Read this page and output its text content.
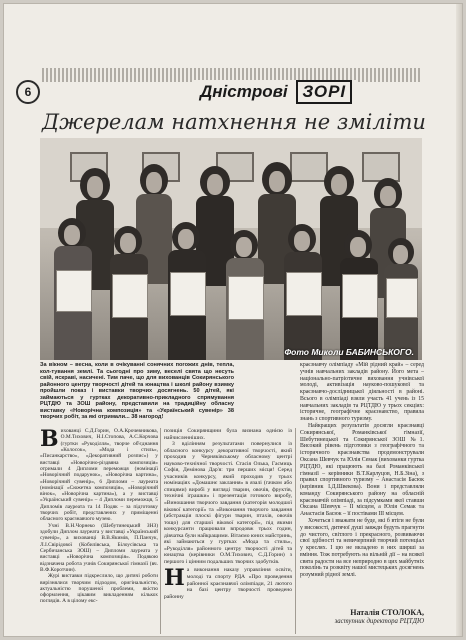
6	Дністрові ЗОРІ
Джерелам натхнення не зміліти
Фото Миколи БАБИНСЬКОГО.
За вікном – весна, коли в очікуванні сонячних погожих днів, тепла, кол-тування землі. Та сьогодні про зиму, веселі свята що несуть свій, яскраві, насичені. Тим паче, що для вихованців Сокирянського районного центру творчості дітей та юнацтва і школі району взимку пройшли показ і виставки творчих досягнень. 50 дітей, які займаються у гуртках декоративно-прикладного спрямування РЦТДЮ та ЗОШ району, представили на традиційну обласну виставку «Новорічна композиція» та «Український сувенір» 38 творчих робіт, за які отримали... 38 нагород!
В ихованці С.Д.Горин, О.А.Крочевникова, О.М.Тихович, Н.І.Стопова, А.С.Корчова (гуртки «Рукоділля», творче об'єднання «Колосок», «Мода і стиль», «Писанкарство», «Декоративний розпис») у виставці «Новорічно-різдвяна композиція» отримали 4 Дипломи переможця (номінації «Новорічний подарунок», «Новорічна картина», «Новорічний сувенір», 6 Дипломи – лауреата (номінації «Сюжетна композиція», «Новорічний вінок», «Новорічна картина»), а у виставці «Український сувенір» – 4 Дипломи переможця, 5 Дипломів лауреата та 14 Подяк – за підготовку творчих робіт, представлених у приміщенні обласного краєзнавчого музею.

Учні В.Н.Чорнеко (Шебутинецький ЗНЗ) здобули Диплом лауреата у виставці «Український сувенір», а вихованці В.В.Якимів, П.Панчук, Л.І.Свірідової (Кобилівська, Білоусівська та Сербичанська ЗОШ) – Дипломи лауреата у виставці «Новорічна композиція». Подякою відзначена робота учнів Сокирянської гімназії (вч. В.Ф.Коротчин).

Журі виставки підкреслило, що дитячі роботи вирізнялися творчим підходом, оригінальністю, актуальністю порушеної проблеми, якістю оформлення, цікавим викладенням кількох поглядів. А в цілому екс-

позиція Сокирянщини була визнана однією із найчисленніших.

З вділінням результатами повернулися із обласного конкурсу декоративної творчості, який проходив у Черняківському обласному центрі науково-технічної творчості. Стасія Олька, Гасмиць Софія, Демінова Дар'я: три перших місця! Серед учасників конкурсу, який проходив у трьох номінаціях «Домашнє заклання» в язалі (гачком або спицями) виробі у вигляді тварин, овочів, фруктів, технічні іграшки» і презентація готового виробу, «Виношання творчого завдання (категорія молодшої вікової категорії» та «Виконання творчого завдання (абстракція плоскі фігури тварин, птахів, овочів тощо) для старшої вікової категорії», під якими конкурсанти працювали впродовж трьох годин, дівчатка були найкращими. Вітаємо юних майстринь, які займаються у гуртках «Мода та стиль», «Рукоділля» районного центру творчості дітей та юнацтва (керівники О.М.Тихович, С.Д.Горин) з першого і цінним подальших творчих здобутків.

Н а виконання наказу управління освіти, молоді та спорту РДА «Про проведення районної краєзнавчої олімпіади, 21 лютого на базі центру творчості проведено районну
краєзнавчу олімпіаду «Мій рідний край» – серед учнів навчальних закладів району. Його мета – національно-патріотичне виховання учнівської молоді, активізація науково-пошукової та краєзнавчо-дослідницької діяльності в районі. Всього в олімпіаді взяли участь 41 учень із 15 навчальних закладів та РЦТДЮ у трьох секціях: історичне, географічне краєзнавство, правила знань з спортивного туризму.

Найкращих результатів досягли краєзнавці Сокирянської, Романківської гімназії, Шебутинецької та Сокирянської ЗОШ №1. Високий рівень підготовки з географічного та історичного краєзнавства продемонстрували Оксана Шевчук та Юлія Семак (вихованки гуртка РЦТДЮ, які працюють на базі Романківської гімназії – керівники В.Т.Карлуцов, Н.Б.Зіна), з правил спортивного туризму – Анастасія Басюк (керівник І.Д.Швекова). Вони і представляли команду Сокирянського району на обласній краєзнавчій олімпіаді, за підсумками якої ставши Оксана Шевчук – ІІ місцем, а Юлія Семак та Анастасія Басюк – її постівами ІІІ місцем.

Хочеться і вважати не буде, які б втіги не були у високості, дитячої душі завжди будуть прагнути до чистого, світлого і прекрасного, розвиваючи свої здібності та невичерпний творчий потенціал у креслях. І цю не вкладено в них ширші за вміння. Тож потребують на вільній дії – на всякої свята радости на все неприродно в цих майбутніх поколінь та розквіту нашої мистецьких досягнень розумний рідної землі.

Наталія СТОЛОКА,
заступник директора РЦТДЮ
